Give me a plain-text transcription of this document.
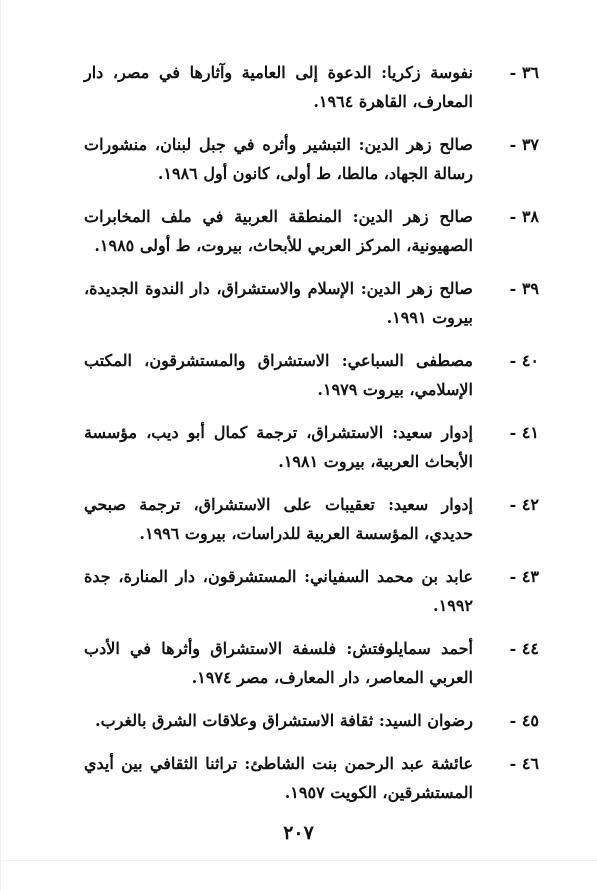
٣٦ -
نفوسة زكريا: الدعوة إلى العامية وآثارها في مصر، دار المعارف، القاهرة ١٩٦٤.
٣٧ -
صالح زهر الدين: التبشير وأثره في جبل لبنان، منشورات رسالة الجهاد، مالطا، ط أولى، كانون أول ١٩٨٦.
٣٨ -
صالح زهر الدين: المنطقة العربية في ملف المخابرات الصهيونية، المركز العربي للأبحاث، بيروت، ط أولى ١٩٨٥.
٣٩ -
صالح زهر الدين: الإسلام والاستشراق، دار الندوة الجديدة، بيروت ١٩٩١.
٤٠ -
مصطفى السباعي: الاستشراق والمستشرقون، المكتب الإسلامي، بيروت ١٩٧٩.
٤١ -
إدوار سعيد: الاستشراق، ترجمة كمال أبو ديب، مؤسسة الأبحاث العربية، بيروت ١٩٨١.
٤٢ -
إدوار سعيد: تعقيبات على الاستشراق، ترجمة صبحي حديدي، المؤسسة العربية للدراسات، بيروت ١٩٩٦.
٤٣ -
عابد بن محمد السفياني: المستشرقون، دار المنارة، جدة ١٩٩٢.
٤٤ -
أحمد سمايلوفتش: فلسفة الاستشراق وأثرها في الأدب العربي المعاصر، دار المعارف، مصر ١٩٧٤.
٤٥ -
رضوان السيد: ثقافة الاستشراق وعلاقات الشرق بالغرب.
٤٦ -
عائشة عبد الرحمن بنت الشاطئ: تراثنا الثقافي بين أيدي المستشرقين، الكويت ١٩٥٧.

٢٠٧
